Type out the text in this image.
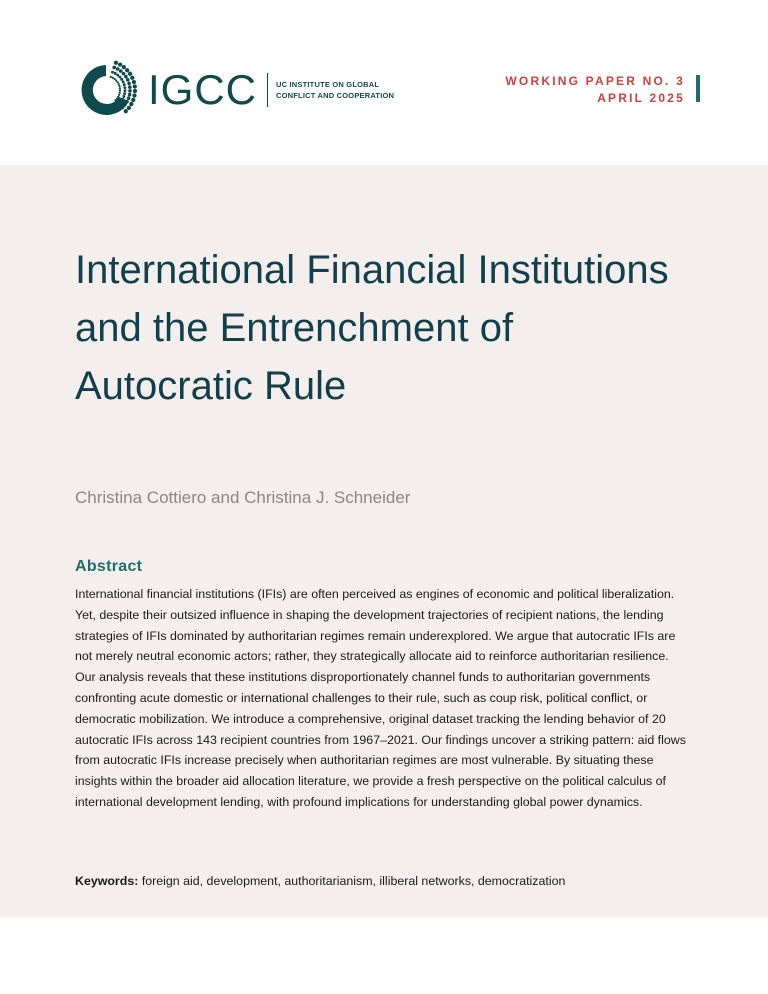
IGCC	UC INSTITUTE ON GLOBAL
CONFLICT AND COOPERATION
WORKING PAPER NO. 3
APRIL 2025
International Financial Institutions and the Entrenchment of Autocratic Rule
Christina Cottiero and Christina J. Schneider
Abstract

International financial institutions (IFIs) are often perceived as engines of economic and political liberalization. Yet, despite their outsized influence in shaping the development trajectories of recipient nations, the lending strategies of IFIs dominated by authoritarian regimes remain underexplored. We argue that autocratic IFIs are not merely neutral economic actors; rather, they strategically allocate aid to reinforce authoritarian resilience. Our analysis reveals that these institutions disproportionately channel funds to authoritarian governments confronting acute domestic or international challenges to their rule, such as coup risk, political conflict, or democratic mobilization. We introduce a comprehensive, original dataset tracking the lending behavior of 20 autocratic IFIs across 143 recipient countries from 1967–2021. Our findings uncover a striking pattern: aid flows from autocratic IFIs increase precisely when authoritarian regimes are most vulnerable. By situating these insights within the broader aid allocation literature, we provide a fresh perspective on the political calculus of international development lending, with profound implications for understanding global power dynamics.

Keywords: foreign aid, development, authoritarianism, illiberal networks, democratization
